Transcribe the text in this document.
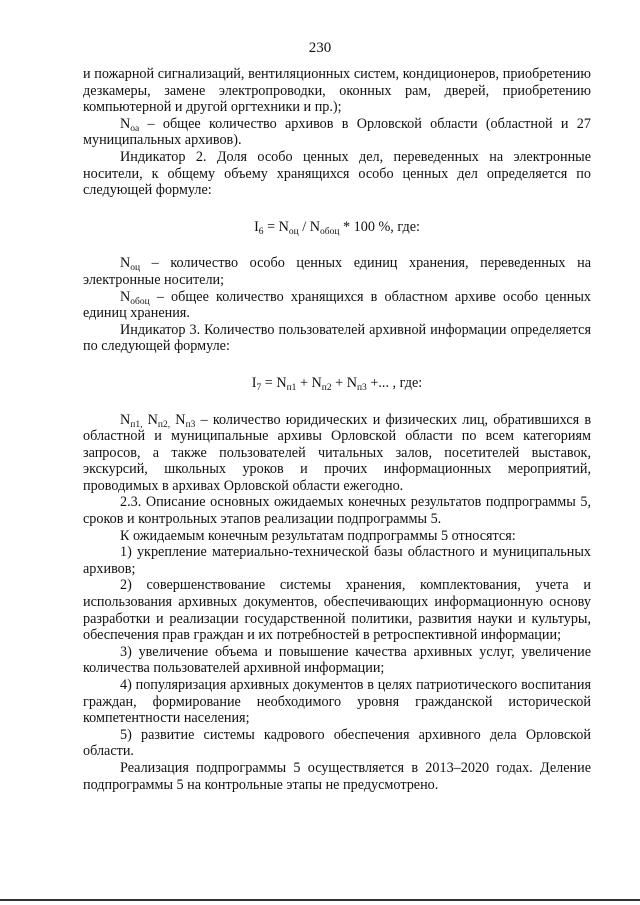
230

и пожарной сигнализаций, вентиляционных систем, кондиционеров, приобретению дезкамеры, замене электропроводки, оконных рам, дверей, приобретению компьютерной и другой оргтехники и пр.);

$N_{оа}$ – общее количество архивов в Орловской области (областной и 27 муниципальных архивов).

Индикатор 2. Доля особо ценных дел, переведенных на электронные носители, к общему объему хранящихся особо ценных дел определяется по следующей формуле:

$I_6 = N_{оц} / N_{обоц} * 100$ %, где:

$N_{оц}$ – количество особо ценных единиц хранения, переведенных на электронные носители;

$N_{обоц}$ – общее количество хранящихся в областном архиве особо ценных единиц хранения.

Индикатор 3. Количество пользователей архивной информации определяется по следующей формуле:

$I_7 = N_{п1} + N_{п2} + N_{п3}$ +... , где:

$N_{п1,}$ $N_{п2,}$ $N_{п3}$ – количество юридических и физических лиц, обратившихся в областной и муниципальные архивы Орловской области по всем категориям запросов, а также пользователей читальных залов, посетителей выставок, экскурсий, школьных уроков и прочих информационных мероприятий, проводимых в архивах Орловской области ежегодно.

2.3. Описание основных ожидаемых конечных результатов подпрограммы 5, сроков и контрольных этапов реализации подпрограммы 5.

К ожидаемым конечным результатам подпрограммы 5 относятся:

1) укрепление материально-технической базы областного и муниципальных архивов;

2) совершенствование системы хранения, комплектования, учета и использования архивных документов, обеспечивающих информационную основу разработки и реализации государственной политики, развития науки и культуры, обеспечения прав граждан и их потребностей в ретроспективной информации;

3) увеличение объема и повышение качества архивных услуг, увеличение количества пользователей архивной информации;

4) популяризация архивных документов в целях патриотического воспитания граждан, формирование необходимого уровня гражданской исторической компетентности населения;

5) развитие системы кадрового обеспечения архивного дела Орловской области.

Реализация подпрограммы 5 осуществляется в 2013–2020 годах. Деление подпрограммы 5 на контрольные этапы не предусмотрено.
